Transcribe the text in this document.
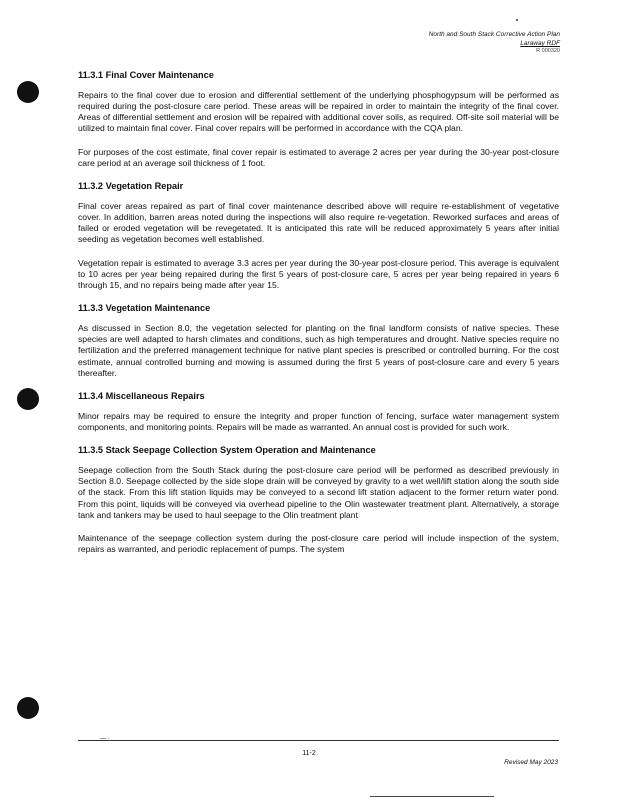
North and South Stack Corrective Action Plan
Laraway RDF
R 000320
11.3.1 Final Cover Maintenance

Repairs to the final cover due to erosion and differential settlement of the underlying phosphogypsum will be performed as required during the post-closure care period. These areas will be repaired in order to maintain the integrity of the final cover. Areas of differential settlement and erosion will be repaired with additional cover soils, as required. Off-site soil material will be utilized to maintain final cover. Final cover repairs will be performed in accordance with the CQA plan.

For purposes of the cost estimate, final cover repair is estimated to average 2 acres per year during the 30-year post-closure care period at an average soil thickness of 1 foot.

11.3.2 Vegetation Repair

Final cover areas repaired as part of final cover maintenance described above will require re-establishment of vegetative cover. In addition, barren areas noted during the inspections will also require re-vegetation. Reworked surfaces and areas of failed or eroded vegetation will be revegetated. It is anticipated this rate will be reduced approximately 5 years after initial seeding as vegetation becomes well established.

Vegetation repair is estimated to average 3.3 acres per year during the 30-year post-closure period. This average is equivalent to 10 acres per year being repaired during the first 5 years of post-closure care, 5 acres per year being repaired in years 6 through 15, and no repairs being made after year 15.

11.3.3 Vegetation Maintenance

As discussed in Section 8.0, the vegetation selected for planting on the final landform consists of native species. These species are well adapted to harsh climates and conditions, such as high temperatures and drought. Native species require no fertilization and the preferred management technique for native plant species is prescribed or controlled burning. For the cost estimate, annual controlled burning and mowing is assumed during the first 5 years of post-closure care and every 5 years thereafter.

11.3.4 Miscellaneous Repairs

Minor repairs may be required to ensure the integrity and proper function of fencing, surface water management system components, and monitoring points. Repairs will be made as warranted. An annual cost is provided for such work.

11.3.5 Stack Seepage Collection System Operation and Maintenance

Seepage collection from the South Stack during the post-closure care period will be performed as described previously in Section 8.0. Seepage collected by the side slope drain will be conveyed by gravity to a wet well/lift station along the south side of the stack. From this lift station liquids may be conveyed to a second lift station adjacent to the former return water pond. From this point, liquids will be conveyed via overhead pipeline to the Olin wastewater treatment plant. Alternatively, a storage tank and tankers may be used to haul seepage to the Olin treatment plant

Maintenance of the seepage collection system during the post-closure care period will include inspection of the system, repairs as warranted, and periodic replacement of pumps. The system

— ·
11-2
Revised May 2023
